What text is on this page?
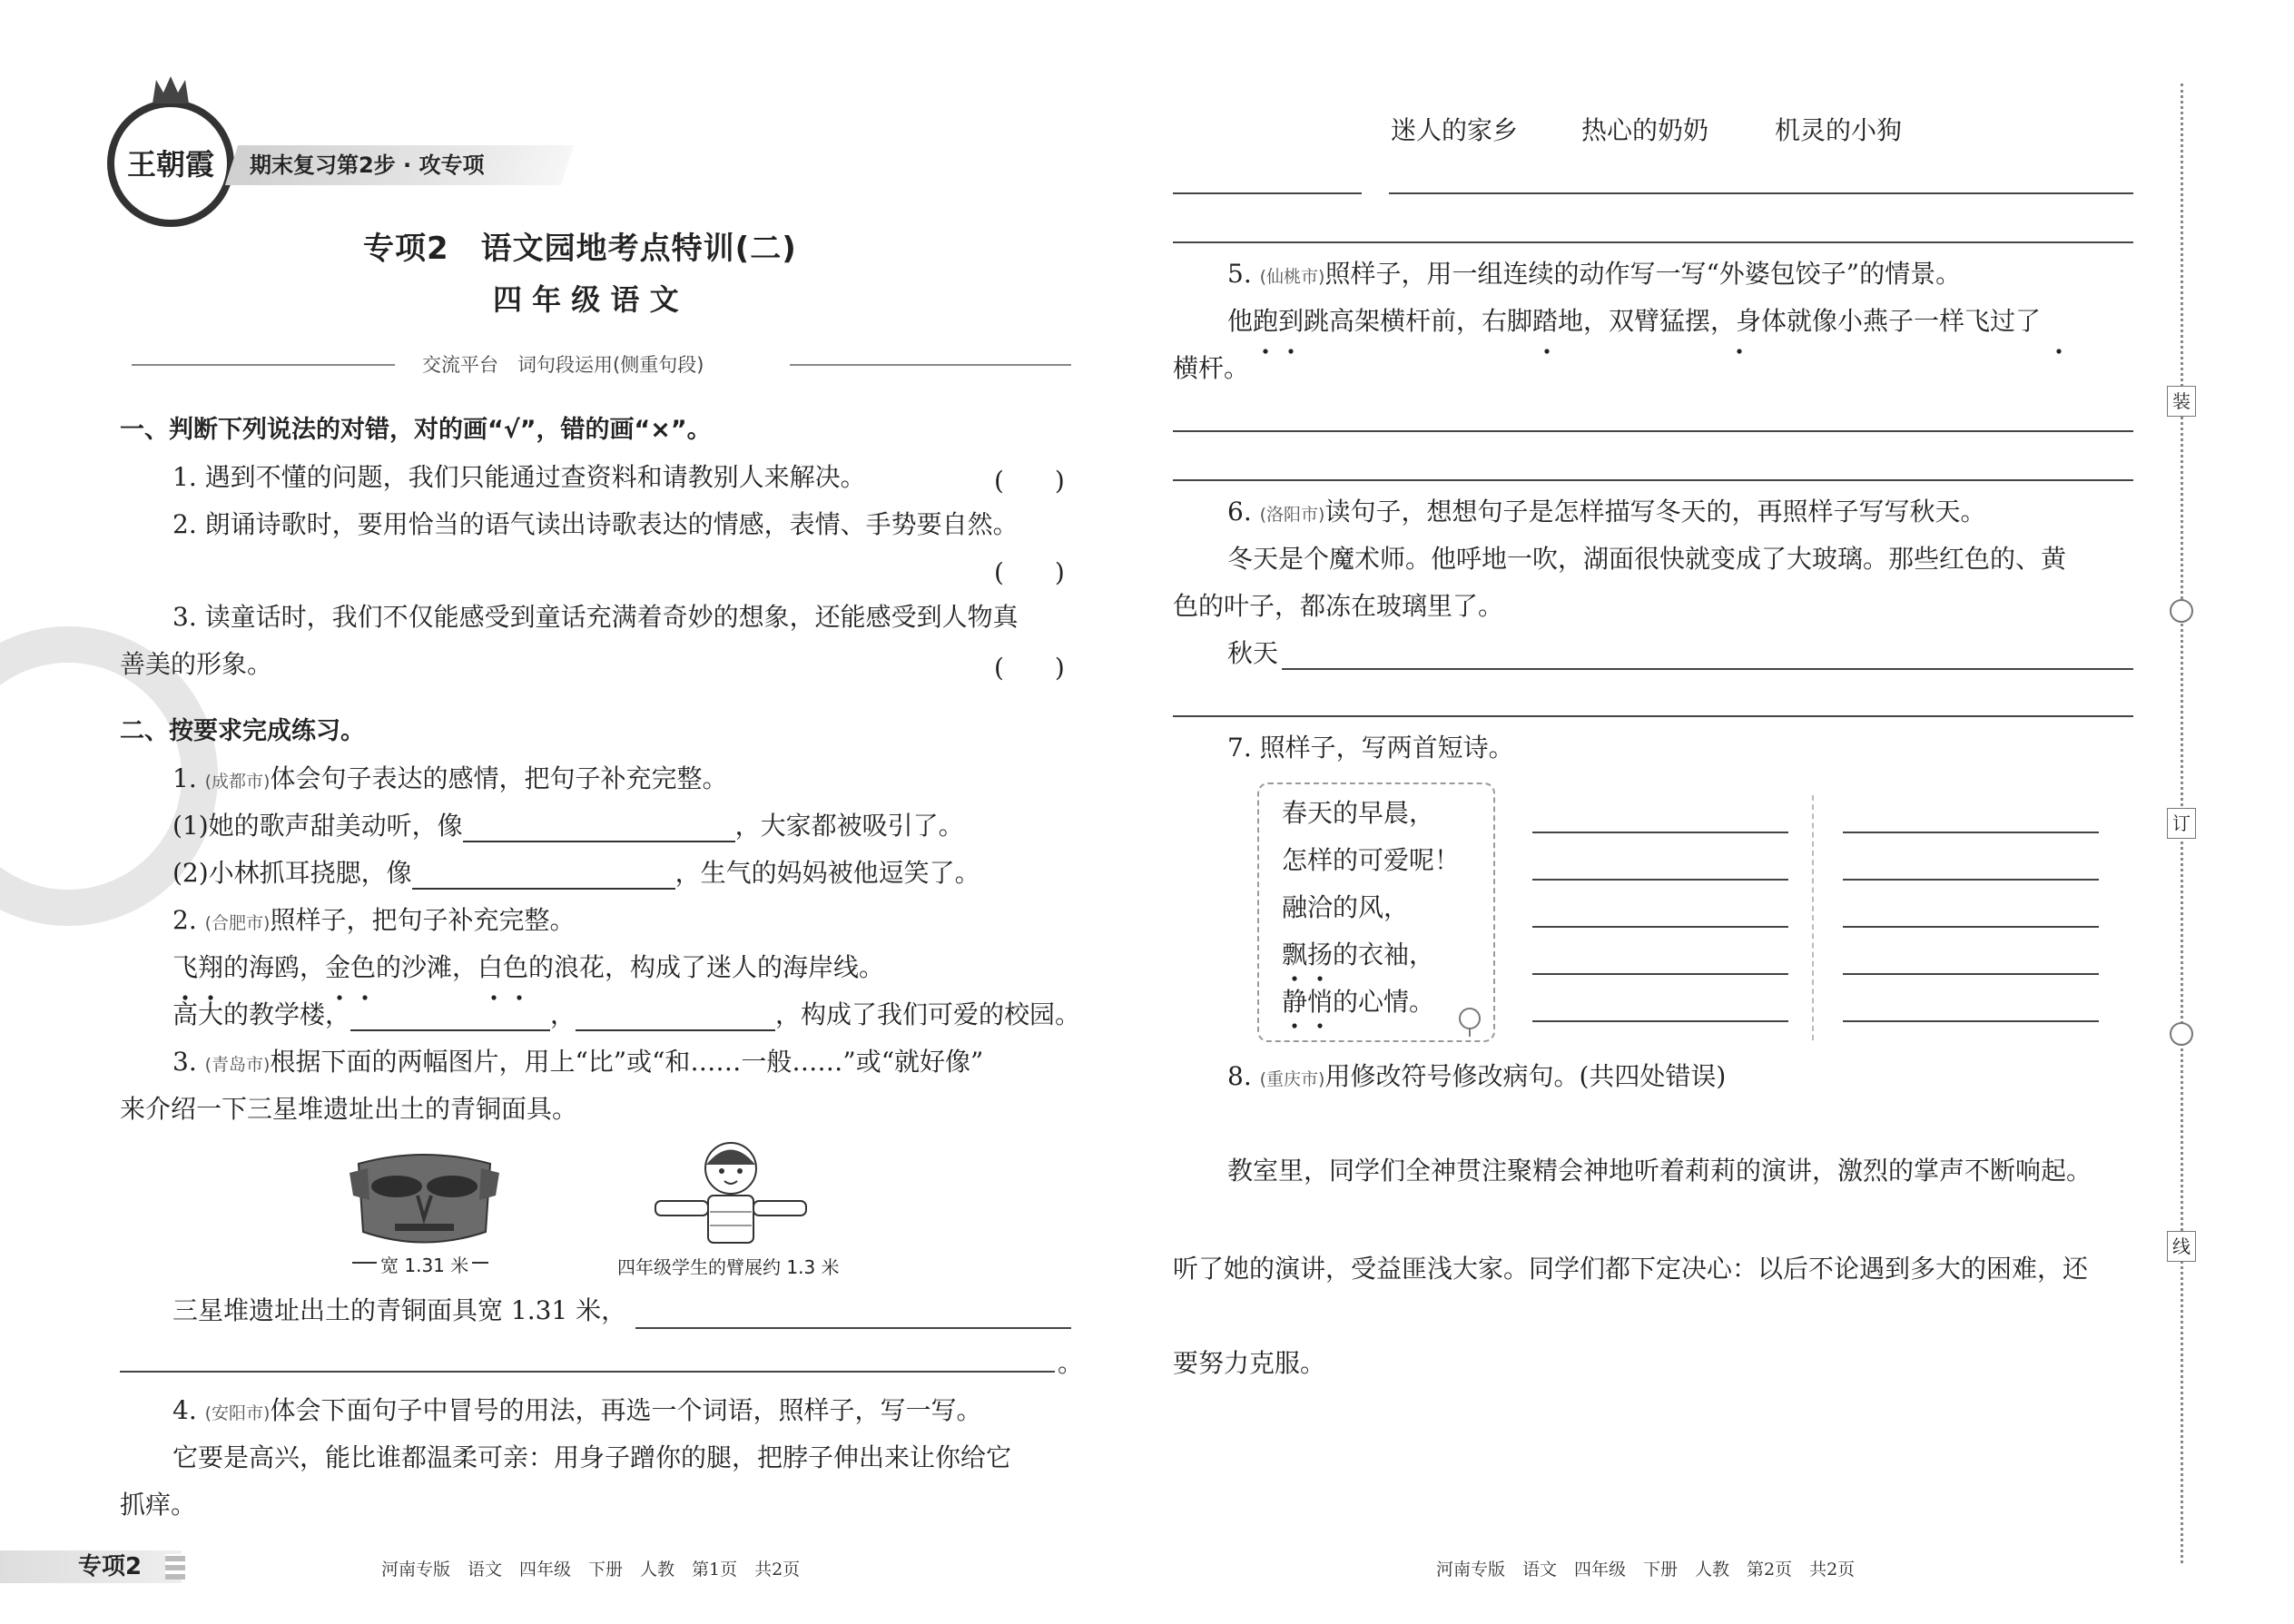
王朝霞	期末复习第2步 · 攻专项
专项2　语文园地考点特训(二)
四 年 级 语 文
交流平台　词句段运用(侧重句段)
一、判断下列说法的对错，对的画“√”，错的画“×”。
1. 遇到不懂的问题，我们只能通过查资料和请教别人来解决。	(　　)
2. 朗诵诗歌时，要用恰当的语气读出诗歌表达的情感，表情、手势要自然。
(　　)
3. 读童话时，我们不仅能感受到童话充满着奇妙的想象，还能感受到人物真
善美的形象。	(　　)
二、按要求完成练习。
1. (成都市)体会句子表达的感情，把句子补充完整。
(1)她的歌声甜美动听，像	，大家都被吸引了。
(2)小林抓耳挠腮，像	，生气的妈妈被他逗笑了。
2. (合肥市)照样子，把句子补充完整。
飞翔的海鸥，金色的沙滩，白色的浪花，构成了迷人的海岸线。
高大的教学楼，	，	，构成了我们可爱的校园。
3. (青岛市)根据下面的两幅图片，用上“比”或“和……一般……”或“就好像”
来介绍一下三星堆遗址出土的青铜面具。
宽 1.31 米	四年级学生的臂展约 1.3 米
三星堆遗址出土的青铜面具宽 1.31 米，
。
4. (安阳市)体会下面句子中冒号的用法，再选一个词语，照样子，写一写。
它要是高兴，能比谁都温柔可亲：用身子蹭你的腿，把脖子伸出来让你给它
抓痒。
迷人的家乡 热心的奶奶	机灵的小狗
5. (仙桃市)照样子，用一组连续的动作写一写“外婆包饺子”的情景。
他跑到跳高架横杆前，右脚踏地，双臂猛摆，身体就像小燕子一样飞过了
横杆。
6. (洛阳市)读句子，想想句子是怎样描写冬天的，再照样子写写秋天。
冬天是个魔术师。他呼地一吹，湖面很快就变成了大玻璃。那些红色的、黄
色的叶子，都冻在玻璃里了。
秋天
7. 照样子，写两首短诗。
春天的早晨，
怎样的可爱呢！
融洽的风，
飘扬的衣袖，
静悄的心情。
8. (重庆市)用修改符号修改病句。(共四处错误)
教室里，同学们全神贯注聚精会神地听着莉莉的演讲，激烈的掌声不断响起。
听了她的演讲，受益匪浅大家。同学们都下定决心：以后不论遇到多大的困难，还
要努力克服。
装
订
线
专项2	河南专版　语文　四年级　下册　人教　第1页　共2页	河南专版　语文　四年级　下册　人教　第2页　共2页
